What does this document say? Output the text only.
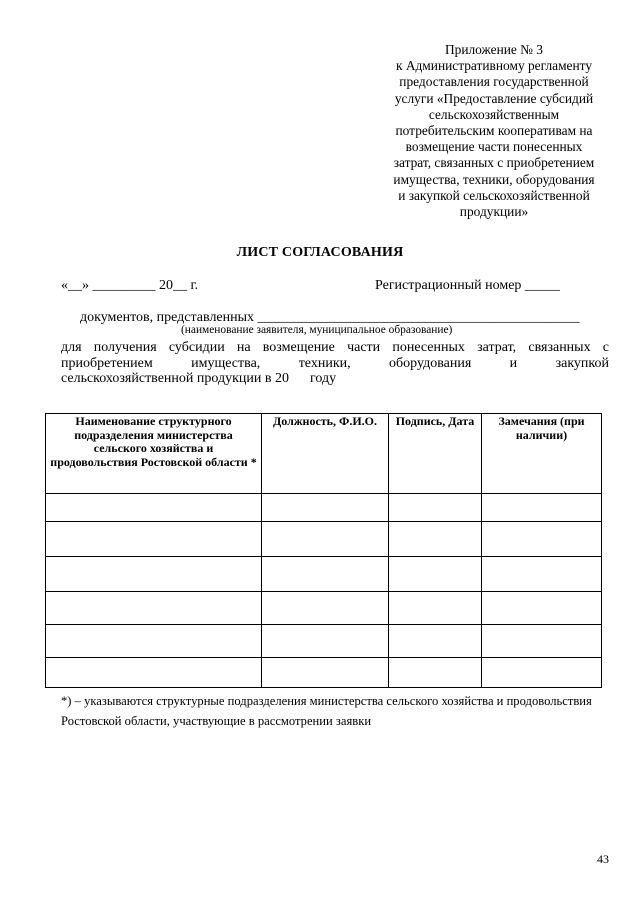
Приложение № 3
к Административному регламенту
предоставления государственной
услуги «Предоставление субсидий
сельскохозяйственным
потребительским кооперативам на
возмещение части понесенных
затрат, связанных с приобретением
имущества, техники, оборудования
и закупкой сельскохозяйственной
продукции»
ЛИСТ СОГЛАСОВАНИЯ
«__» _________ 20__ г.	Регистрационный номер _____
документов, представленных ______________________________________________
(наименование заявителя, муниципальное образование)
для получения субсидии на возмещение части понесенных затрат, связанных с
приобретением имущества, техники, оборудования и закупкой
сельскохозяйственной продукции в 20      году
Наименование структурного подразделения министерства сельского хозяйства и продовольствия Ростовской области *	Должность, Ф.И.О.	Подпись, Дата	Замечания (при наличии)

*) – указываются структурные подразделения министерства сельского хозяйства и продовольствия Ростовской области, участвующие в рассмотрении заявки
43
